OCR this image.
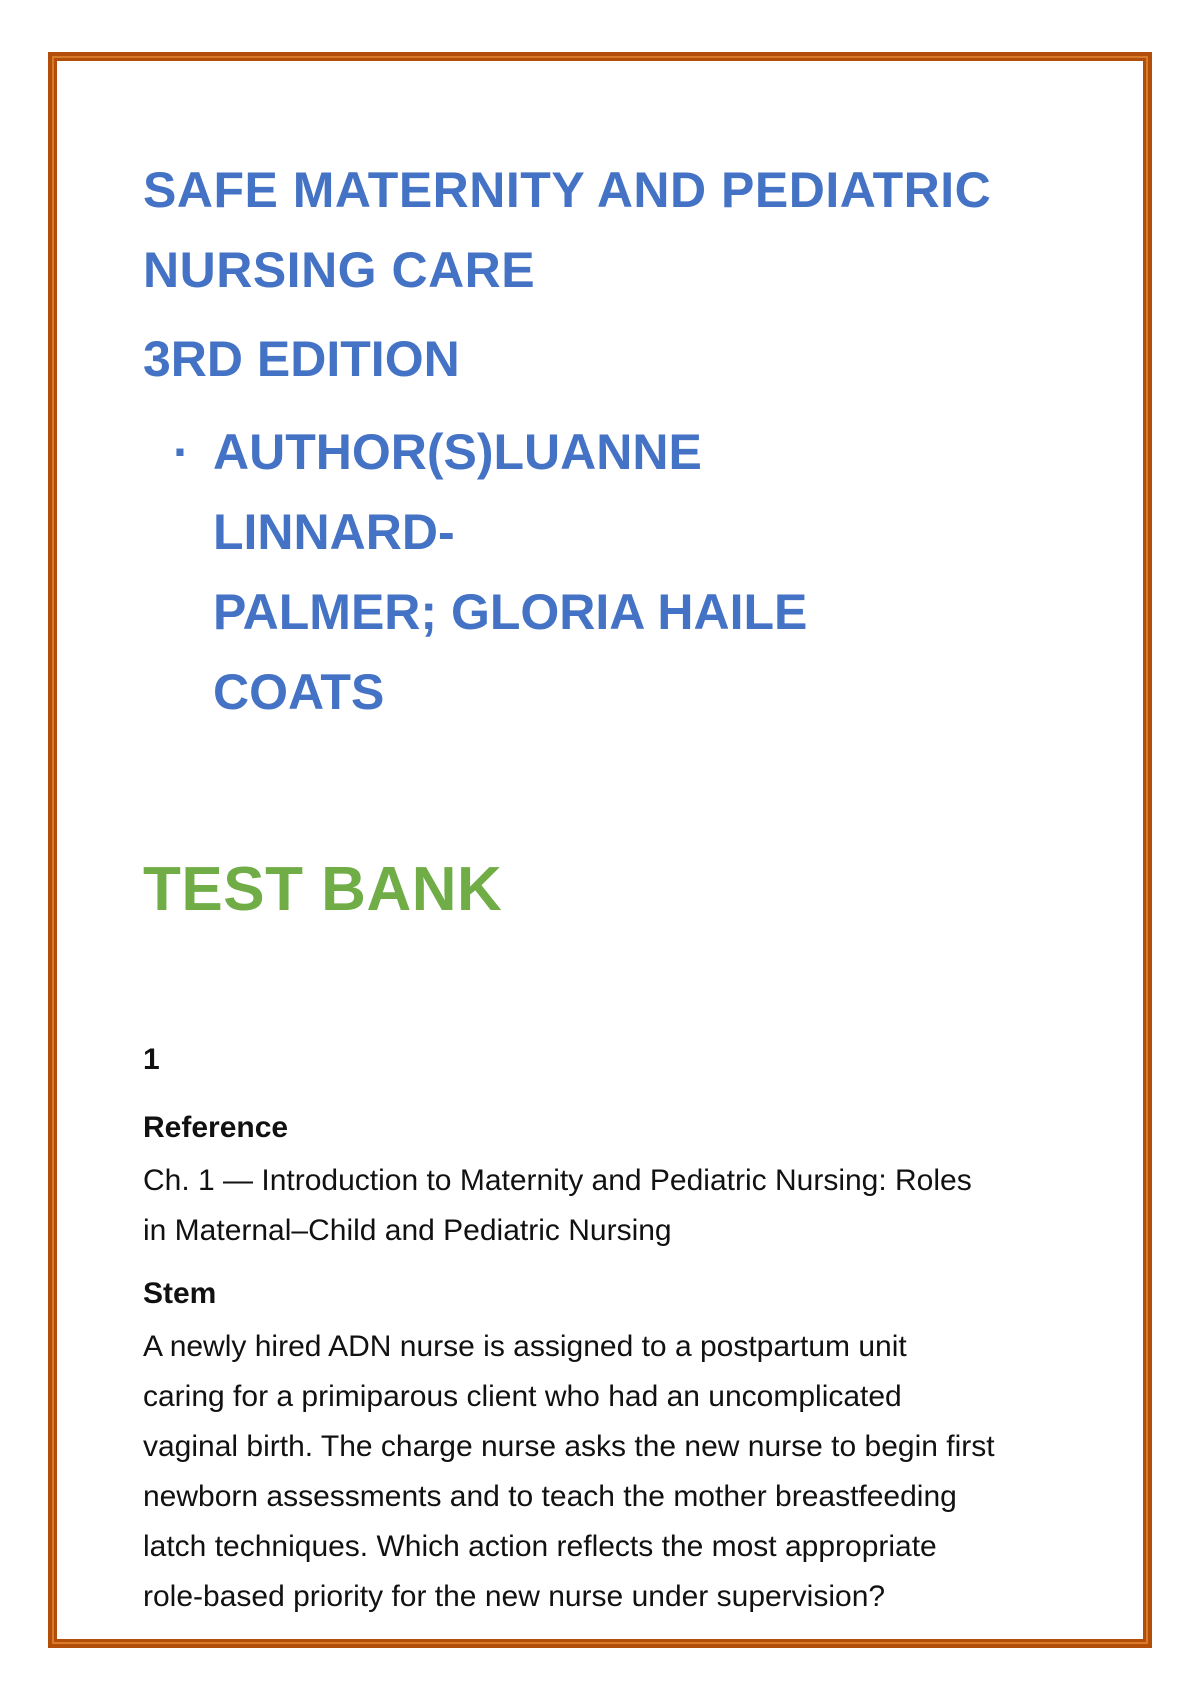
SAFE MATERNITY AND PEDIATRIC
NURSING CARE
3RD EDITION
· AUTHOR(S)LUANNE LINNARD-
PALMER; GLORIA HAILE COATS
TEST BANK
1
Reference
Ch. 1 — Introduction to Maternity and Pediatric Nursing: Roles
in Maternal–Child and Pediatric Nursing
Stem
A newly hired ADN nurse is assigned to a postpartum unit
caring for a primiparous client who had an uncomplicated
vaginal birth. The charge nurse asks the new nurse to begin first
newborn assessments and to teach the mother breastfeeding
latch techniques. Which action reflects the most appropriate
role-based priority for the new nurse under supervision?
